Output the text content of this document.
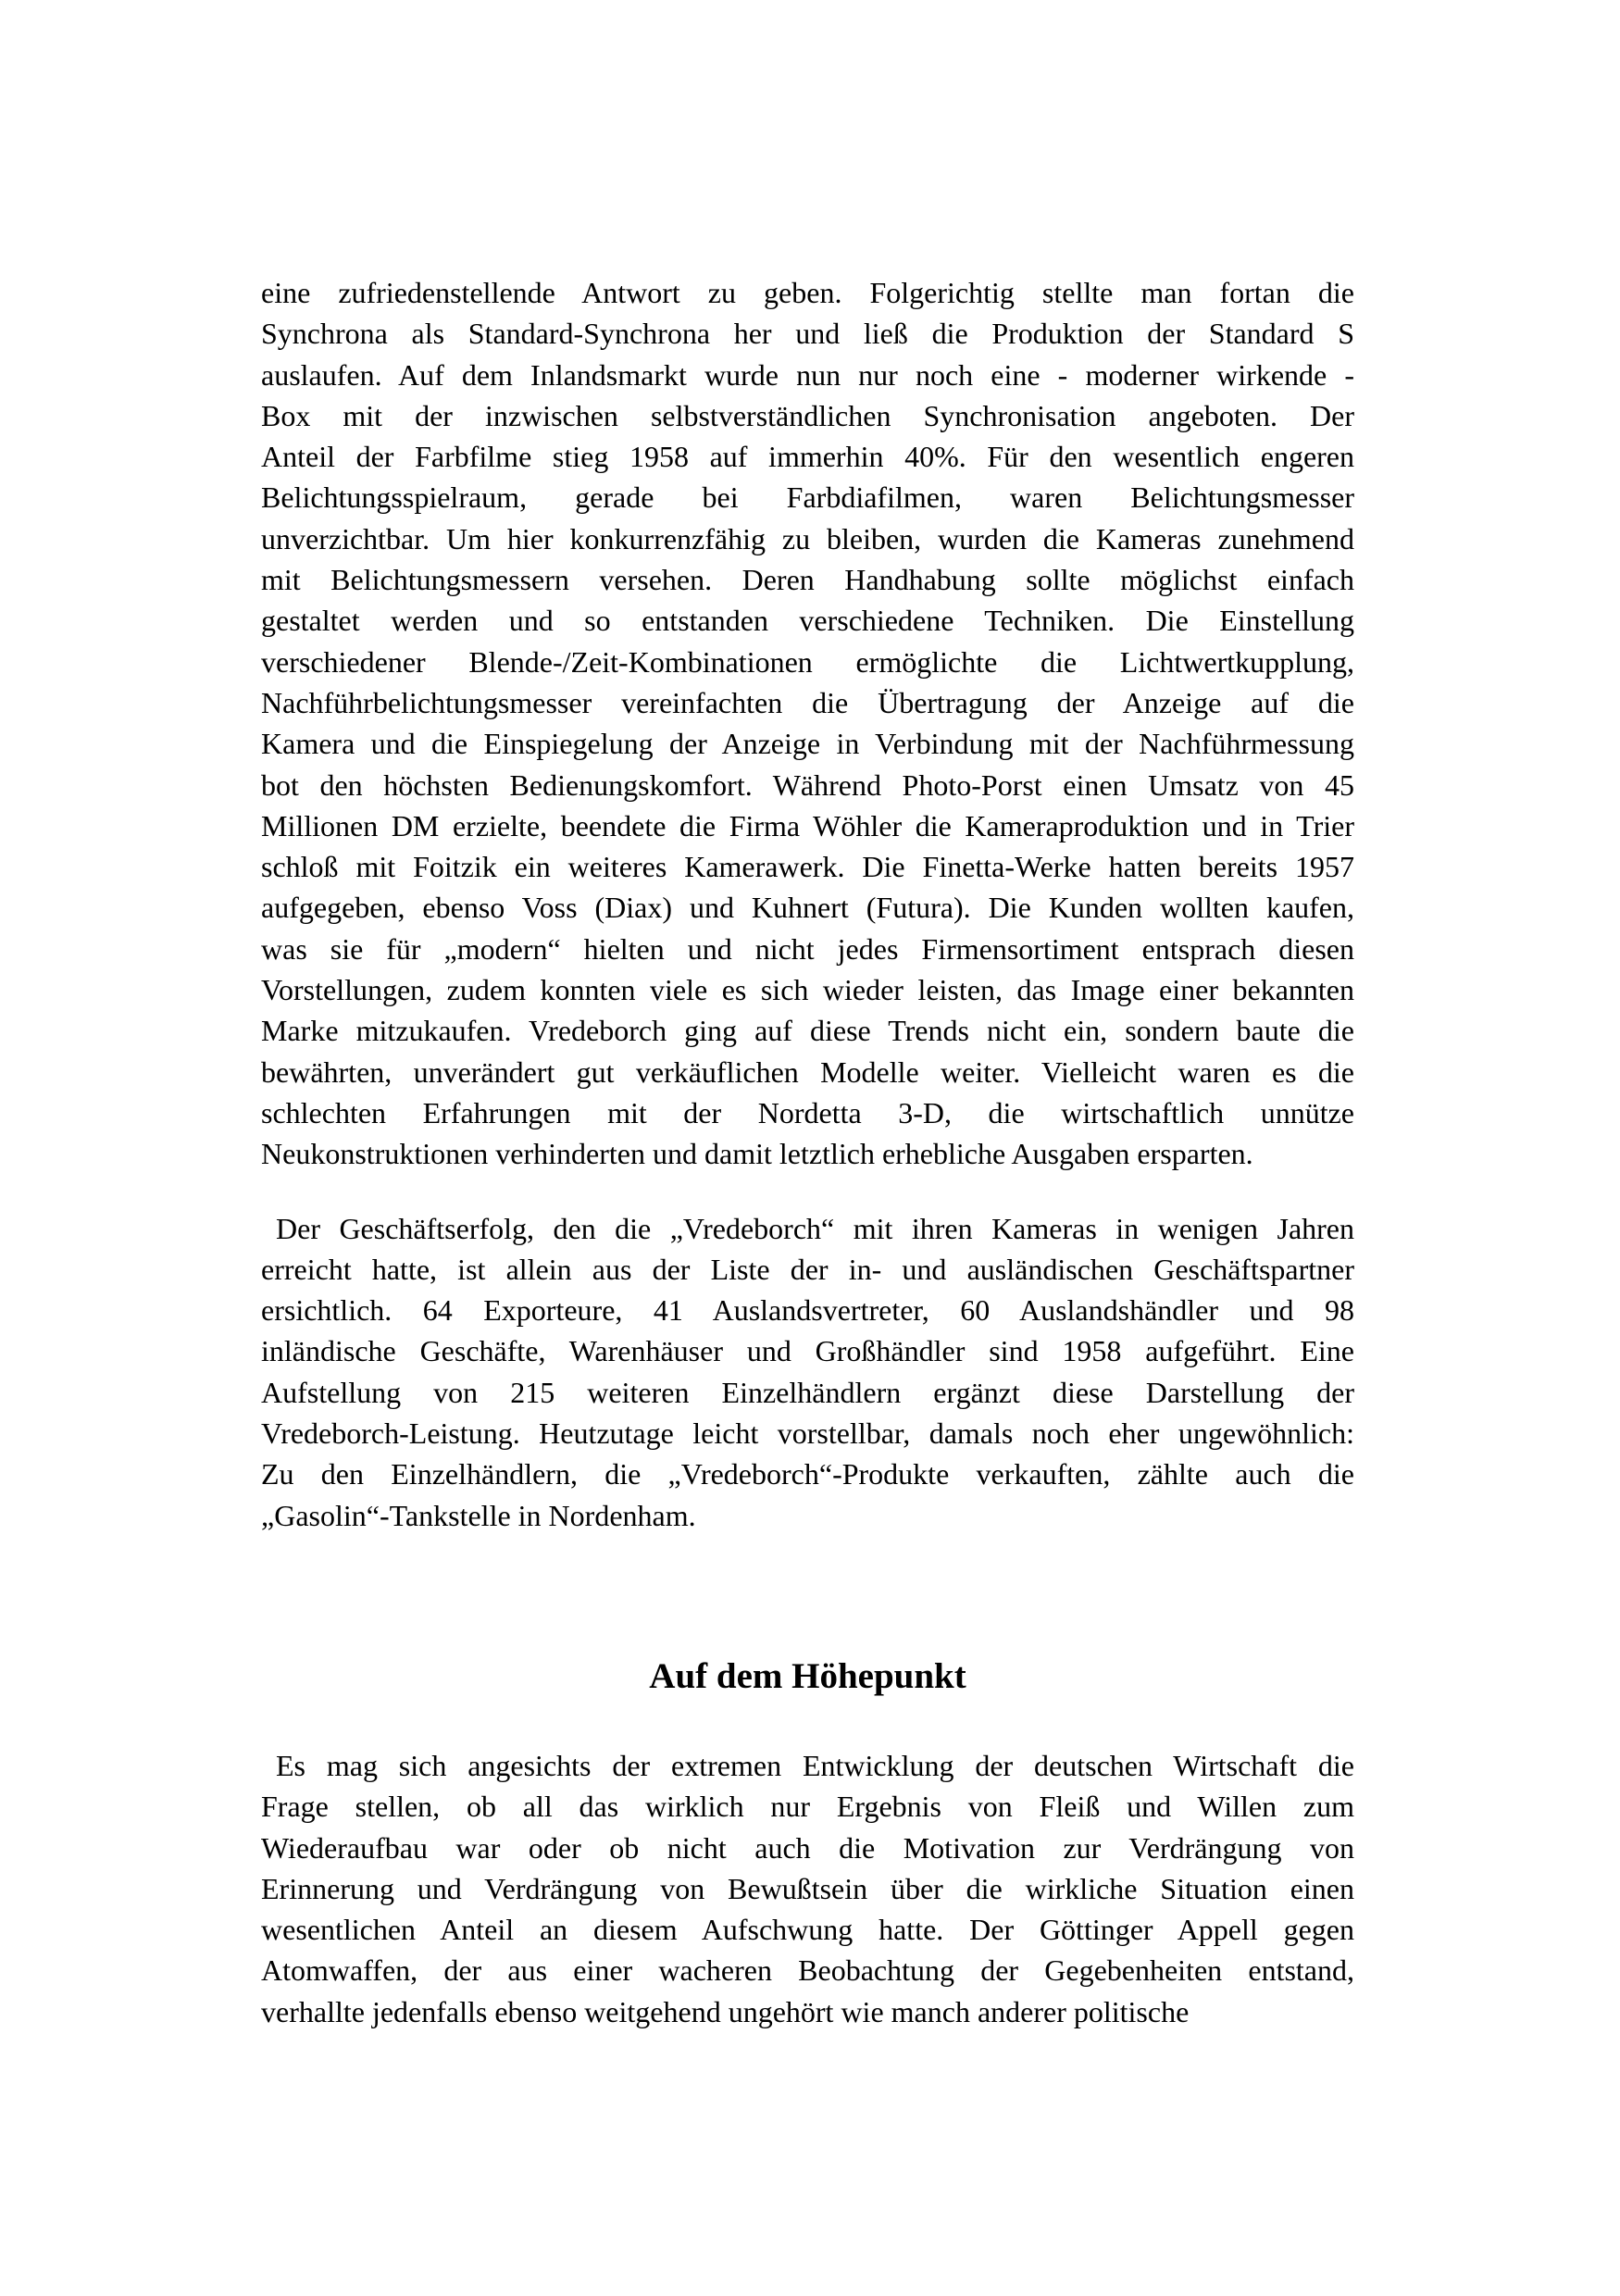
eine zufriedenstellende Antwort zu geben. Folgerichtig stellte man fortan die
Synchrona als Standard-Synchrona her und ließ die Produktion der Standard S
auslaufen. Auf dem Inlandsmarkt wurde nun nur noch eine - moderner wirkende -
Box mit der inzwischen selbstverständlichen Synchronisation angeboten. Der
Anteil der Farbfilme stieg 1958 auf immerhin 40%. Für den wesentlich engeren
Belichtungsspielraum, gerade bei Farbdiafilmen, waren Belichtungsmesser
unverzichtbar. Um hier konkurrenzfähig zu bleiben, wurden die Kameras zunehmend
mit Belichtungsmessern versehen. Deren Handhabung sollte möglichst einfach
gestaltet werden und so entstanden verschiedene Techniken. Die Einstellung
verschiedener Blende-/Zeit-Kombinationen ermöglichte die Lichtwertkupplung,
Nachführbelichtungsmesser vereinfachten die Übertragung der Anzeige auf die
Kamera und die Einspiegelung der Anzeige in Verbindung mit der Nachführmessung
bot den höchsten Bedienungskomfort. Während Photo-Porst einen Umsatz von 45
Millionen DM erzielte, beendete die Firma Wöhler die Kameraproduktion und in Trier
schloß mit Foitzik ein weiteres Kamerawerk. Die Finetta-Werke hatten bereits 1957
aufgegeben, ebenso Voss (Diax) und Kuhnert (Futura). Die Kunden wollten kaufen,
was sie für „modern“ hielten und nicht jedes Firmensortiment entsprach diesen
Vorstellungen, zudem konnten viele es sich wieder leisten, das Image einer bekannten
Marke mitzukaufen. Vredeborch ging auf diese Trends nicht ein, sondern baute die
bewährten, unverändert gut verkäuflichen Modelle weiter. Vielleicht waren es die
schlechten Erfahrungen mit der Nordetta 3-D, die wirtschaftlich unnütze
Neukonstruktionen verhinderten und damit letztlich erhebliche Ausgaben ersparten.
Der Geschäftserfolg, den die „Vredeborch“ mit ihren Kameras in wenigen Jahren
erreicht hatte, ist allein aus der Liste der in- und ausländischen Geschäftspartner
ersichtlich. 64 Exporteure, 41 Auslandsvertreter, 60 Auslandshändler und 98
inländische Geschäfte, Warenhäuser und Großhändler sind 1958 aufgeführt. Eine
Aufstellung von 215 weiteren Einzelhändlern ergänzt diese Darstellung der
Vredeborch-Leistung. Heutzutage leicht vorstellbar, damals noch eher ungewöhnlich:
Zu den Einzelhändlern, die „Vredeborch“-Produkte verkauften, zählte auch die
„Gasolin“-Tankstelle in Nordenham.
Auf dem Höhepunkt
Es mag sich angesichts der extremen Entwicklung der deutschen Wirtschaft die
Frage stellen, ob all das wirklich nur Ergebnis von Fleiß und Willen zum
Wiederaufbau war oder ob nicht auch die Motivation zur Verdrängung von
Erinnerung und Verdrängung von Bewußtsein über die wirkliche Situation einen
wesentlichen Anteil an diesem Aufschwung hatte. Der Göttinger Appell gegen
Atomwaffen, der aus einer wacheren Beobachtung der Gegebenheiten entstand,
verhallte jedenfalls ebenso weitgehend ungehört wie manch anderer politische
